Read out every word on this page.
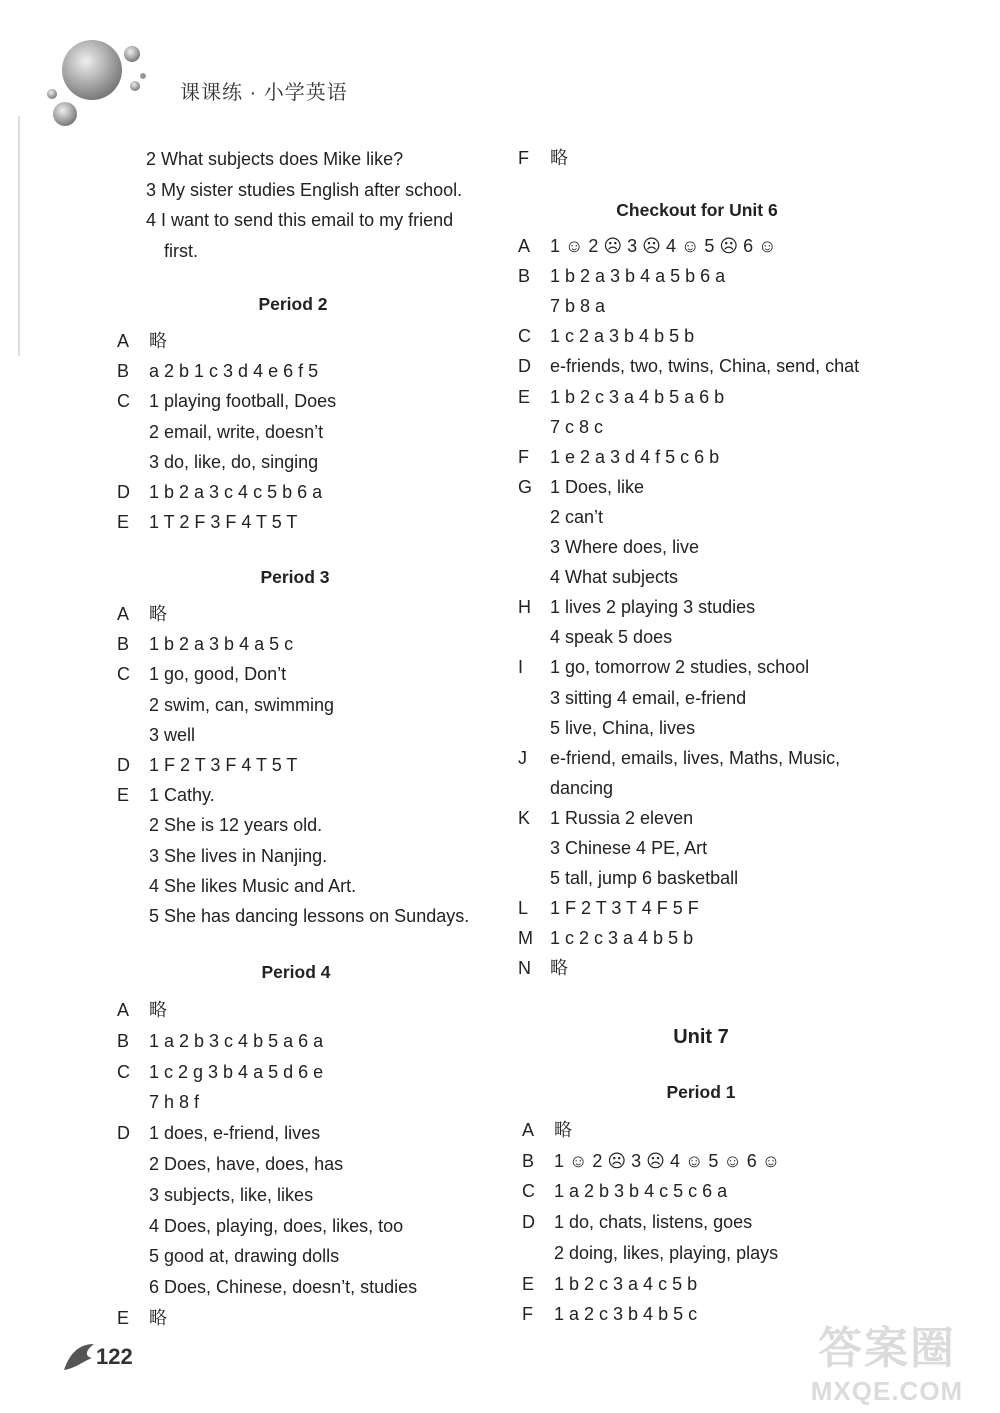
课课练 · 小学英语
2 What subjects does Mike like?
3 My sister studies English after school.
4 I want to send this email to my friend
first.
Period 2
A 略
B a 2 b 1 c 3 d 4 e 6 f 5
C 1 playing football, Does
2 email, write, doesn’t
3 do, like, do, singing
D 1 b 2 a 3 c 4 c 5 b 6 a
E 1 T 2 F 3 F 4 T 5 T
Period 3
A 略
B 1 b 2 a 3 b 4 a 5 c
C 1 go, good, Don’t
2 swim, can, swimming
3 well
D 1 F 2 T 3 F 4 T 5 T
E 1 Cathy.
2 She is 12 years old.
3 She lives in Nanjing.
4 She likes Music and Art.
5 She has dancing lessons on Sundays.
Period 4
A 略
B 1 a 2 b 3 c 4 b 5 a 6 a
C 1 c 2 g 3 b 4 a 5 d 6 e
7 h 8 f
D 1 does, e-friend, lives
2 Does, have, does, has
3 subjects, like, likes
4 Does, playing, does, likes, too
5 good at, drawing dolls
6 Does, Chinese, doesn’t, studies
E 略
F 略
Checkout for Unit 6
A 1 ☺ 2 ☹ 3 ☹ 4 ☺ 5 ☹ 6 ☺
B 1 b 2 a 3 b 4 a 5 b 6 a
7 b 8 a
C 1 c 2 a 3 b 4 b 5 b
D e-friends, two, twins, China, send, chat
E 1 b 2 c 3 a 4 b 5 a 6 b
7 c 8 c
F 1 e 2 a 3 d 4 f 5 c 6 b
G 1 Does, like
2 can’t
3 Where does, live
4 What subjects
H 1 lives 2 playing 3 studies
4 speak 5 does
I 1 go, tomorrow 2 studies, school
3 sitting 4 email, e-friend
5 live, China, lives
J e-friend, emails, lives, Maths, Music,
dancing
K 1 Russia 2 eleven
3 Chinese 4 PE, Art
5 tall, jump 6 basketball
L 1 F 2 T 3 T 4 F 5 F
M 1 c 2 c 3 a 4 b 5 b
N 略
Unit 7
Period 1
A 略
B 1 ☺ 2 ☹ 3 ☹ 4 ☺ 5 ☺ 6 ☺
C 1 a 2 b 3 b 4 c 5 c 6 a
D 1 do, chats, listens, goes
2 doing, likes, playing, plays
E 1 b 2 c 3 a 4 c 5 b
F 1 a 2 c 3 b 4 b 5 c
122	答案圈
MXQE.COM
